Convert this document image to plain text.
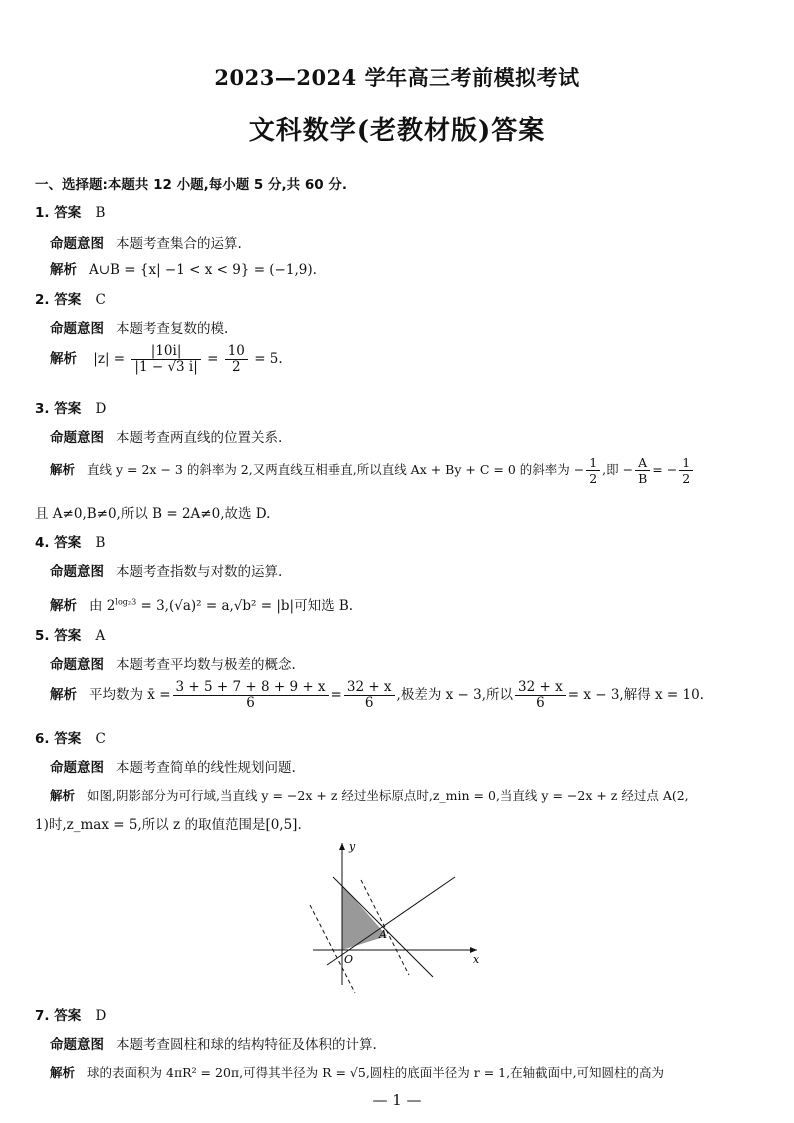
2023—2024 学年高三考前模拟考试
文科数学(老教材版)答案
一、选择题:本题共 12 小题,每小题 5 分,共 60 分.
1. 答案 B
命题意图 本题考查集合的运算.
解析 A∪B = {x| −1 < x < 9} = (−1,9).
2. 答案 C
命题意图 本题考查复数的模.
解析 $|z| = \frac{|10i|}{|1 - √3 i|} = \frac{10}{2} = 5$.
3. 答案 D
命题意图 本题考查两直线的位置关系.
解析 直线 y = 2x − 3 的斜率为 2,又两直线互相垂直,所以直线 Ax + By + C = 0 的斜率为 − $\frac{1}{2}$ ,即 − $\frac{A}{B}$ = − $\frac{1}{2}$
且 A≠0,B≠0,所以 B = 2A≠0,故选 D.
4. 答案 B
命题意图 本题考查指数与对数的运算.
解析 由 $2^{log_23} = 3,(√a)^2 = a,√b^2 = |b|$可知选 B.
5. 答案 A
命题意图 本题考查平均数与极差的概念.
解析 平均数为 x̄ = $\frac{3 + 5 + 7 + 8 + 9 + x}{6} = \frac{32 + x}{6}$ ,极差为 x − 3,所以 $\frac{32 + x}{6} = x - 3$,解得 x = 10.
6. 答案 C
命题意图 本题考查简单的线性规划问题.
解析 如图,阴影部分为可行域,当直线 y = −2x + z 经过坐标原点时,z_min = 0,当直线 y = −2x + z 经过点 A(2,
1)时,z_max = 5,所以 z 的取值范围是[0,5].
y
x
O
A
7. 答案 D
命题意图 本题考查圆柱和球的结构特征及体积的计算.
解析 球的表面积为 4πR² = 20π,可得其半径为 R = √5,圆柱的底面半径为 r = 1,在轴截面中,可知圆柱的高为
— 1 —
